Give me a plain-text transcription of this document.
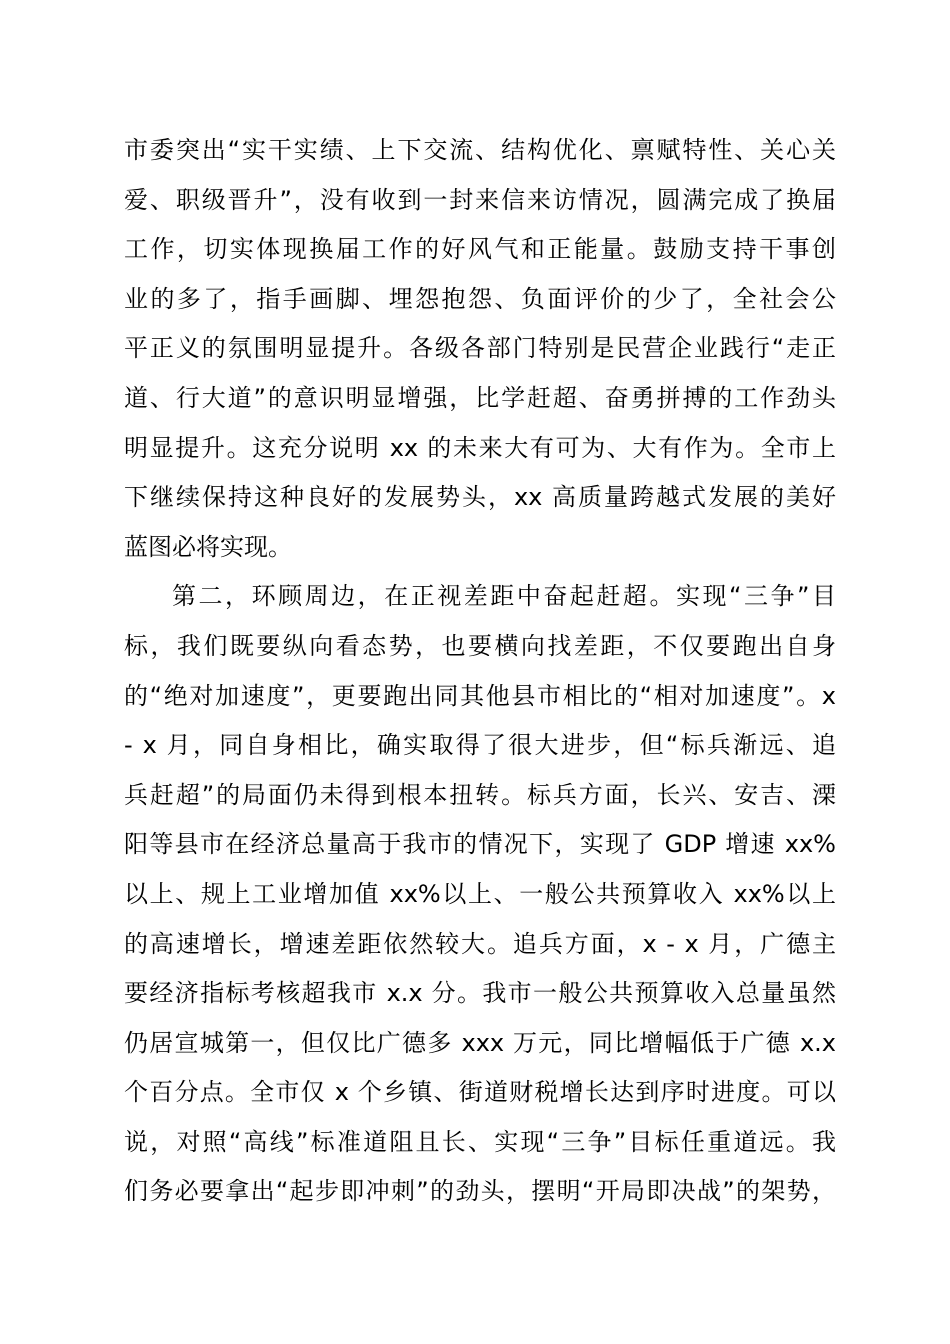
市委突出“实干实绩、上下交流、结构优化、禀赋特性、关心关
爱、职级晋升”，没有收到一封来信来访情况，圆满完成了换届
工作，切实体现换届工作的好风气和正能量。鼓励支持干事创
业的多了，指手画脚、埋怨抱怨、负面评价的少了，全社会公
平正义的氛围明显提升。各级各部门特别是民营企业践行“走正
道、行大道”的意识明显增强，比学赶超、奋勇拼搏的工作劲头
明显提升。这充分说明 xx 的未来大有可为、大有作为。全市上
下继续保持这种良好的发展势头，xx 高质量跨越式发展的美好
蓝图必将实现。
第二，环顾周边，在正视差距中奋起赶超。实现“三争”目
标，我们既要纵向看态势，也要横向找差距，不仅要跑出自身
的“绝对加速度”，更要跑出同其他县市相比的“相对加速度”。x
- x 月，同自身相比，确实取得了很大进步，但“标兵渐远、追
兵赶超”的局面仍未得到根本扭转。标兵方面，长兴、安吉、溧
阳等县市在经济总量高于我市的情况下，实现了 GDP 增速 xx%
以上、规上工业增加值 xx%以上、一般公共预算收入 xx%以上
的高速增长，增速差距依然较大。追兵方面，x - x 月，广德主
要经济指标考核超我市 x.x 分。我市一般公共预算收入总量虽然
仍居宣城第一，但仅比广德多 xxx 万元，同比增幅低于广德 x.x
个百分点。全市仅 x 个乡镇、街道财税增长达到序时进度。可以
说，对照“高线”标准道阻且长、实现“三争”目标任重道远。我
们务必要拿出“起步即冲刺”的劲头，摆明“开局即决战”的架势，
